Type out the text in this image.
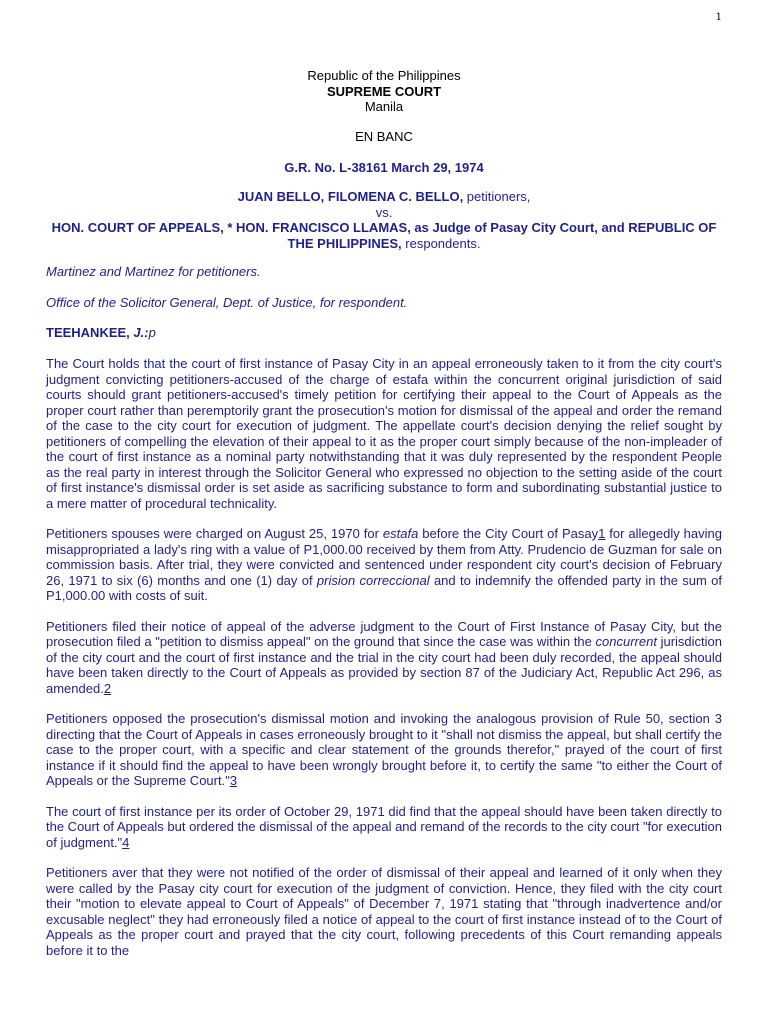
1
Republic of the Philippines
SUPREME COURT
Manila
EN BANC
G.R. No. L-38161 March 29, 1974
JUAN BELLO, FILOMENA C. BELLO, petitioners,
vs.
HON. COURT OF APPEALS, * HON. FRANCISCO LLAMAS, as Judge of Pasay City Court, and REPUBLIC OF THE PHILIPPINES, respondents.
Martinez and Martinez for petitioners.
Office of the Solicitor General, Dept. of Justice, for respondent.
TEEHANKEE, J.:p

The Court holds that the court of first instance of Pasay City in an appeal erroneously taken to it from the city court's judgment convicting petitioners-accused of the charge of estafa within the concurrent original jurisdiction of said courts should grant petitioners-accused's timely petition for certifying their appeal to the Court of Appeals as the proper court rather than peremptorily grant the prosecution's motion for dismissal of the appeal and order the remand of the case to the city court for execution of judgment. The appellate court's decision denying the relief sought by petitioners of compelling the elevation of their appeal to it as the proper court simply because of the non-impleader of the court of first instance as a nominal party notwithstanding that it was duly represented by the respondent People as the real party in interest through the Solicitor General who expressed no objection to the setting aside of the court of first instance's dismissal order is set aside as sacrificing substance to form and subordinating substantial justice to a mere matter of procedural technicality.

Petitioners spouses were charged on August 25, 1970 for estafa before the City Court of Pasay1 for allegedly having misappropriated a lady's ring with a value of P1,000.00 received by them from Atty. Prudencio de Guzman for sale on commission basis. After trial, they were convicted and sentenced under respondent city court's decision of February 26, 1971 to six (6) months and one (1) day of prision correccional and to indemnify the offended party in the sum of P1,000.00 with costs of suit.

Petitioners filed their notice of appeal of the adverse judgment to the Court of First Instance of Pasay City, but the prosecution filed a "petition to dismiss appeal" on the ground that since the case was within the concurrent jurisdiction of the city court and the court of first instance and the trial in the city court had been duly recorded, the appeal should have been taken directly to the Court of Appeals as provided by section 87 of the Judiciary Act, Republic Act 296, as amended.2

Petitioners opposed the prosecution's dismissal motion and invoking the analogous provision of Rule 50, section 3 directing that the Court of Appeals in cases erroneously brought to it "shall not dismiss the appeal, but shall certify the case to the proper court, with a specific and clear statement of the grounds therefor," prayed of the court of first instance if it should find the appeal to have been wrongly brought before it, to certify the same "to either the Court of Appeals or the Supreme Court."3

The court of first instance per its order of October 29, 1971 did find that the appeal should have been taken directly to the Court of Appeals but ordered the dismissal of the appeal and remand of the records to the city court "for execution of judgment."4

Petitioners aver that they were not notified of the order of dismissal of their appeal and learned of it only when they were called by the Pasay city court for execution of the judgment of conviction. Hence, they filed with the city court their "motion to elevate appeal to Court of Appeals" of December 7, 1971 stating that "through inadvertence and/or excusable neglect" they had erroneously filed a notice of appeal to the court of first instance instead of to the Court of Appeals as the proper court and prayed that the city court, following precedents of this Court remanding appeals before it to the
